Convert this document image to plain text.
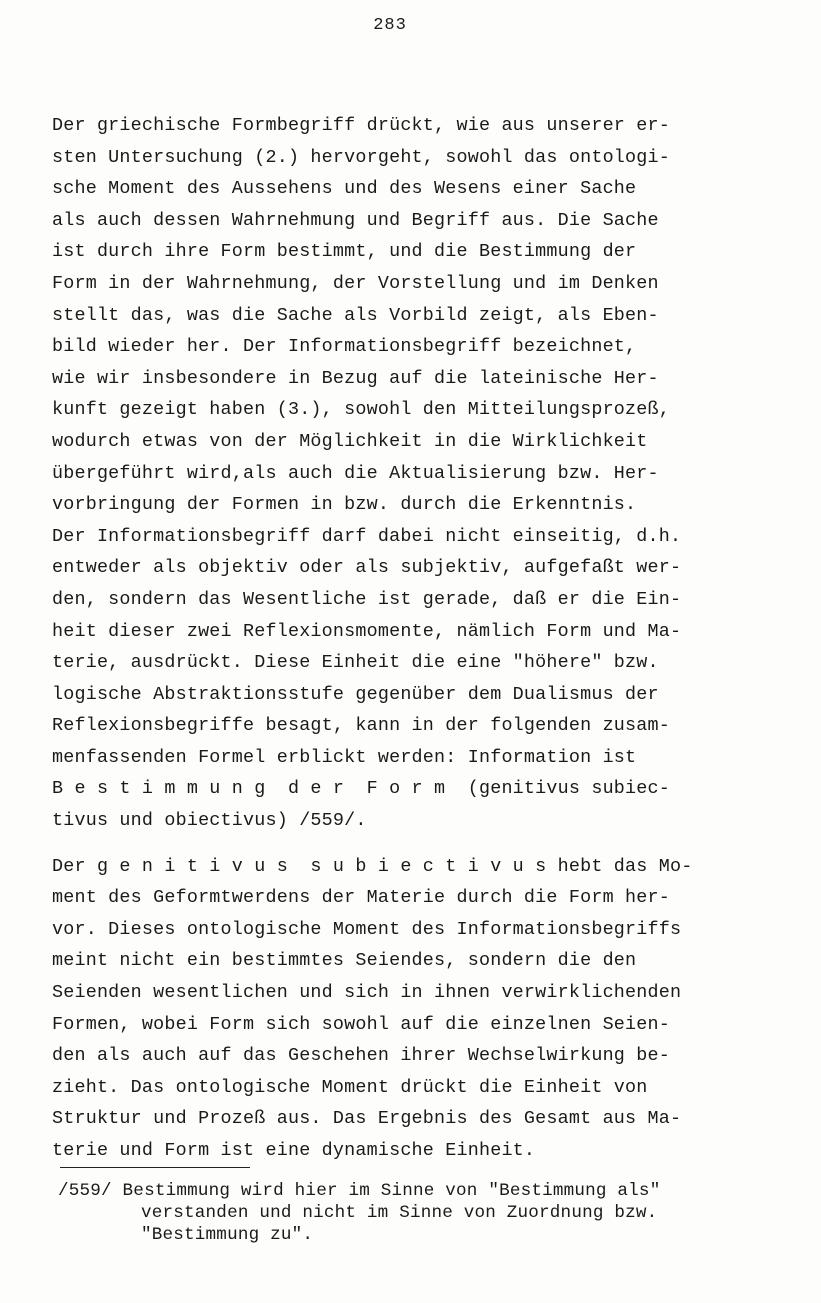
283
Der griechische Formbegriff drückt, wie aus unserer er-
sten Untersuchung (2.) hervorgeht, sowohl das ontologi-
sche Moment des Aussehens und des Wesens einer Sache
als auch dessen Wahrnehmung und Begriff aus. Die Sache
ist durch ihre Form bestimmt, und die Bestimmung der
Form in der Wahrnehmung, der Vorstellung und im Denken
stellt das, was die Sache als Vorbild zeigt, als Eben-
bild wieder her. Der Informationsbegriff bezeichnet,
wie wir insbesondere in Bezug auf die lateinische Her-
kunft gezeigt haben (3.), sowohl den Mitteilungsprozeß,
wodurch etwas von der Möglichkeit in die Wirklichkeit
übergeführt wird,als auch die Aktualisierung bzw. Her-
vorbringung der Formen in bzw. durch die Erkenntnis.
Der Informationsbegriff darf dabei nicht einseitig, d.h.
entweder als objektiv oder als subjektiv, aufgefaßt wer-
den, sondern das Wesentliche ist gerade, daß er die Ein-
heit dieser zwei Reflexionsmomente, nämlich Form und Ma-
terie, ausdrückt. Diese Einheit die eine "höhere" bzw.
logische Abstraktionsstufe gegenüber dem Dualismus der
Reflexionsbegriffe besagt, kann in der folgenden zusam-
menfassenden Formel erblickt werden: Information ist
B e s t i m m u n g  d e r  F o r m  (genitivus subiec-
tivus und obiectivus) /559/.
Der g e n i t i v u s  s u b i e c t i v u s hebt das Mo-
ment des Geformtwerdens der Materie durch die Form her-
vor. Dieses ontologische Moment des Informationsbegriffs
meint nicht ein bestimmtes Seiendes, sondern die den
Seienden wesentlichen und sich in ihnen verwirklichenden
Formen, wobei Form sich sowohl auf die einzelnen Seien-
den als auch auf das Geschehen ihrer Wechselwirkung be-
zieht. Das ontologische Moment drückt die Einheit von
Struktur und Prozeß aus. Das Ergebnis des Gesamt aus Ma-
terie und Form ist eine dynamische Einheit.
/559/ Bestimmung wird hier im Sinne von "Bestimmung als"
verstanden und nicht im Sinne von Zuordnung bzw.
"Bestimmung zu".
